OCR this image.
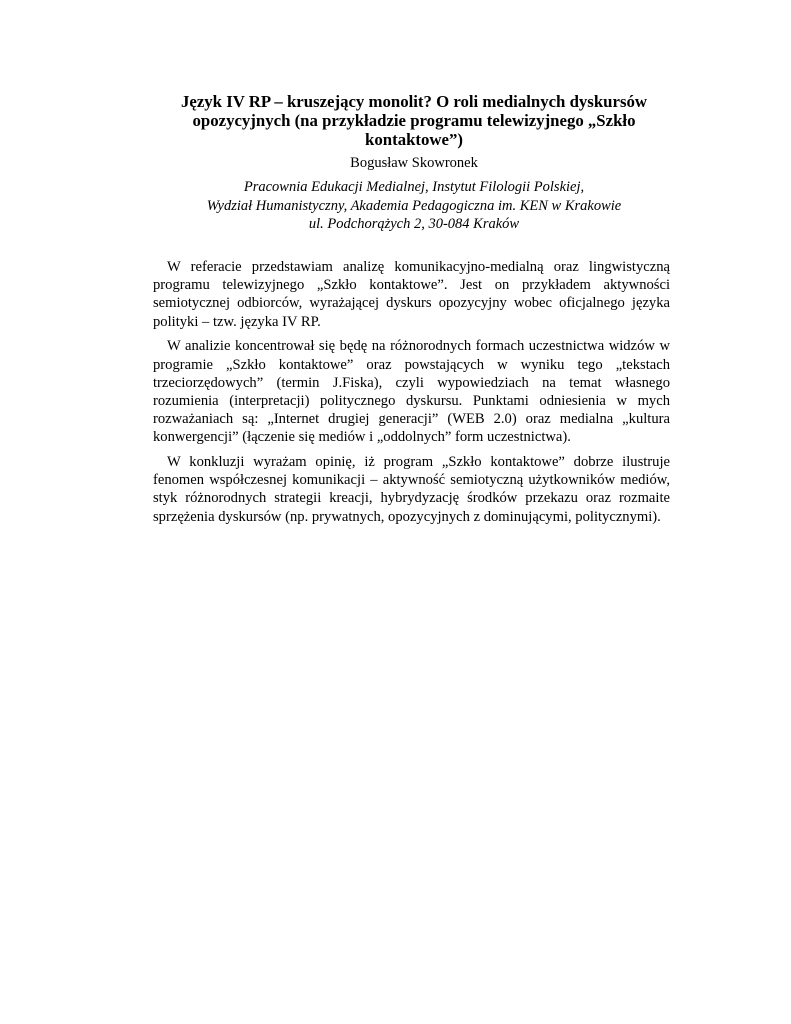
Język IV RP – kruszejący monolit? O roli medialnych dyskursów opozycyjnych (na przykładzie programu telewizyjnego „Szkło kontaktowe”)
Bogusław Skowronek
Pracownia Edukacji Medialnej, Instytut Filologii Polskiej,
Wydział Humanistyczny, Akademia Pedagogiczna im. KEN w Krakowie
ul. Podchorążych 2, 30-084 Kraków

W referacie przedstawiam analizę komunikacyjno-medialną oraz lingwistyczną programu telewizyjnego „Szkło kontaktowe”. Jest on przykładem aktywności semiotycznej odbiorców, wyrażającej dyskurs opozycyjny wobec oficjalnego języka polityki – tzw. języka IV RP.

W analizie koncentrował się będę na różnorodnych formach uczestnictwa widzów w programie „Szkło kontaktowe” oraz powstających w wyniku tego „tekstach trzeciorzędowych” (termin J.Fiska), czyli wypowiedziach na temat własnego rozumienia (interpretacji) politycznego dyskursu. Punktami odniesienia w mych rozważaniach są: „Internet drugiej generacji” (WEB 2.0) oraz medialna „kultura konwergencji” (łączenie się mediów i „oddolnych” form uczestnictwa).

W konkluzji wyrażam opinię, iż program „Szkło kontaktowe” dobrze ilustruje fenomen współczesnej komunikacji – aktywność semiotyczną użytkowników mediów, styk różnorodnych strategii kreacji, hybrydyzację środków przekazu oraz rozmaite sprzężenia dyskursów (np. prywatnych, opozycyjnych z dominującymi, politycznymi).
